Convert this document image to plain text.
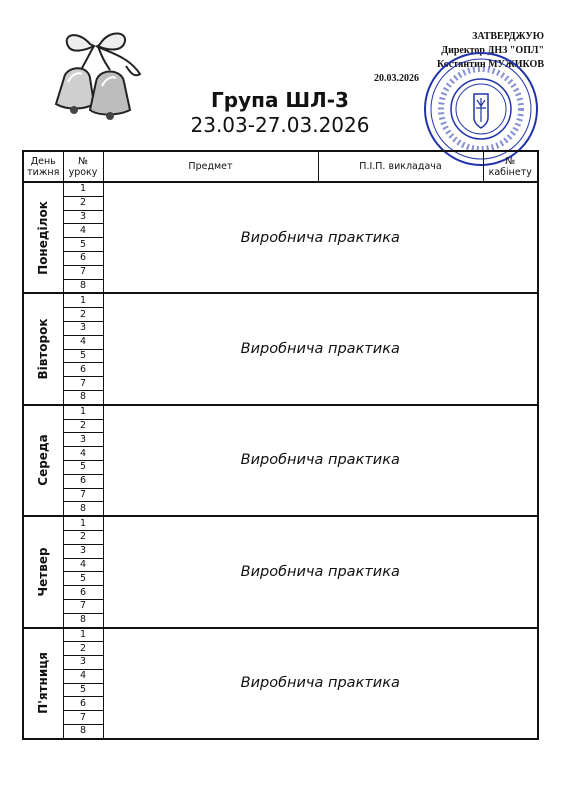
ЗАТВЕРДЖУЮ
Директор ДНЗ "ОПЛ"
Костянтин МУЖИКОВ
20.03.2026
Група ШЛ-3
23.03-27.03.2026
День тижня	№ уроку	Предмет	П.І.П. викладача	№ кабінету

Понеділок	1	Виробнича практика		
	2			
	3			
	4			
	5			
	6			
	7			
	8			

Вівторок	1	Виробнича практика		
	2			
	3			
	4			
	5			
	6			
	7			
	8			

Середа	1	Виробнича практика		
	2			
	3			
	4			
	5			
	6			
	7			
	8			

Четвер	1	Виробнича практика		
	2			
	3			
	4			
	5			
	6			
	7			
	8			

П'ятниця	1	Виробнича практика		
	2			
	3			
	4			
	5			
	6			
	7			
	8			
